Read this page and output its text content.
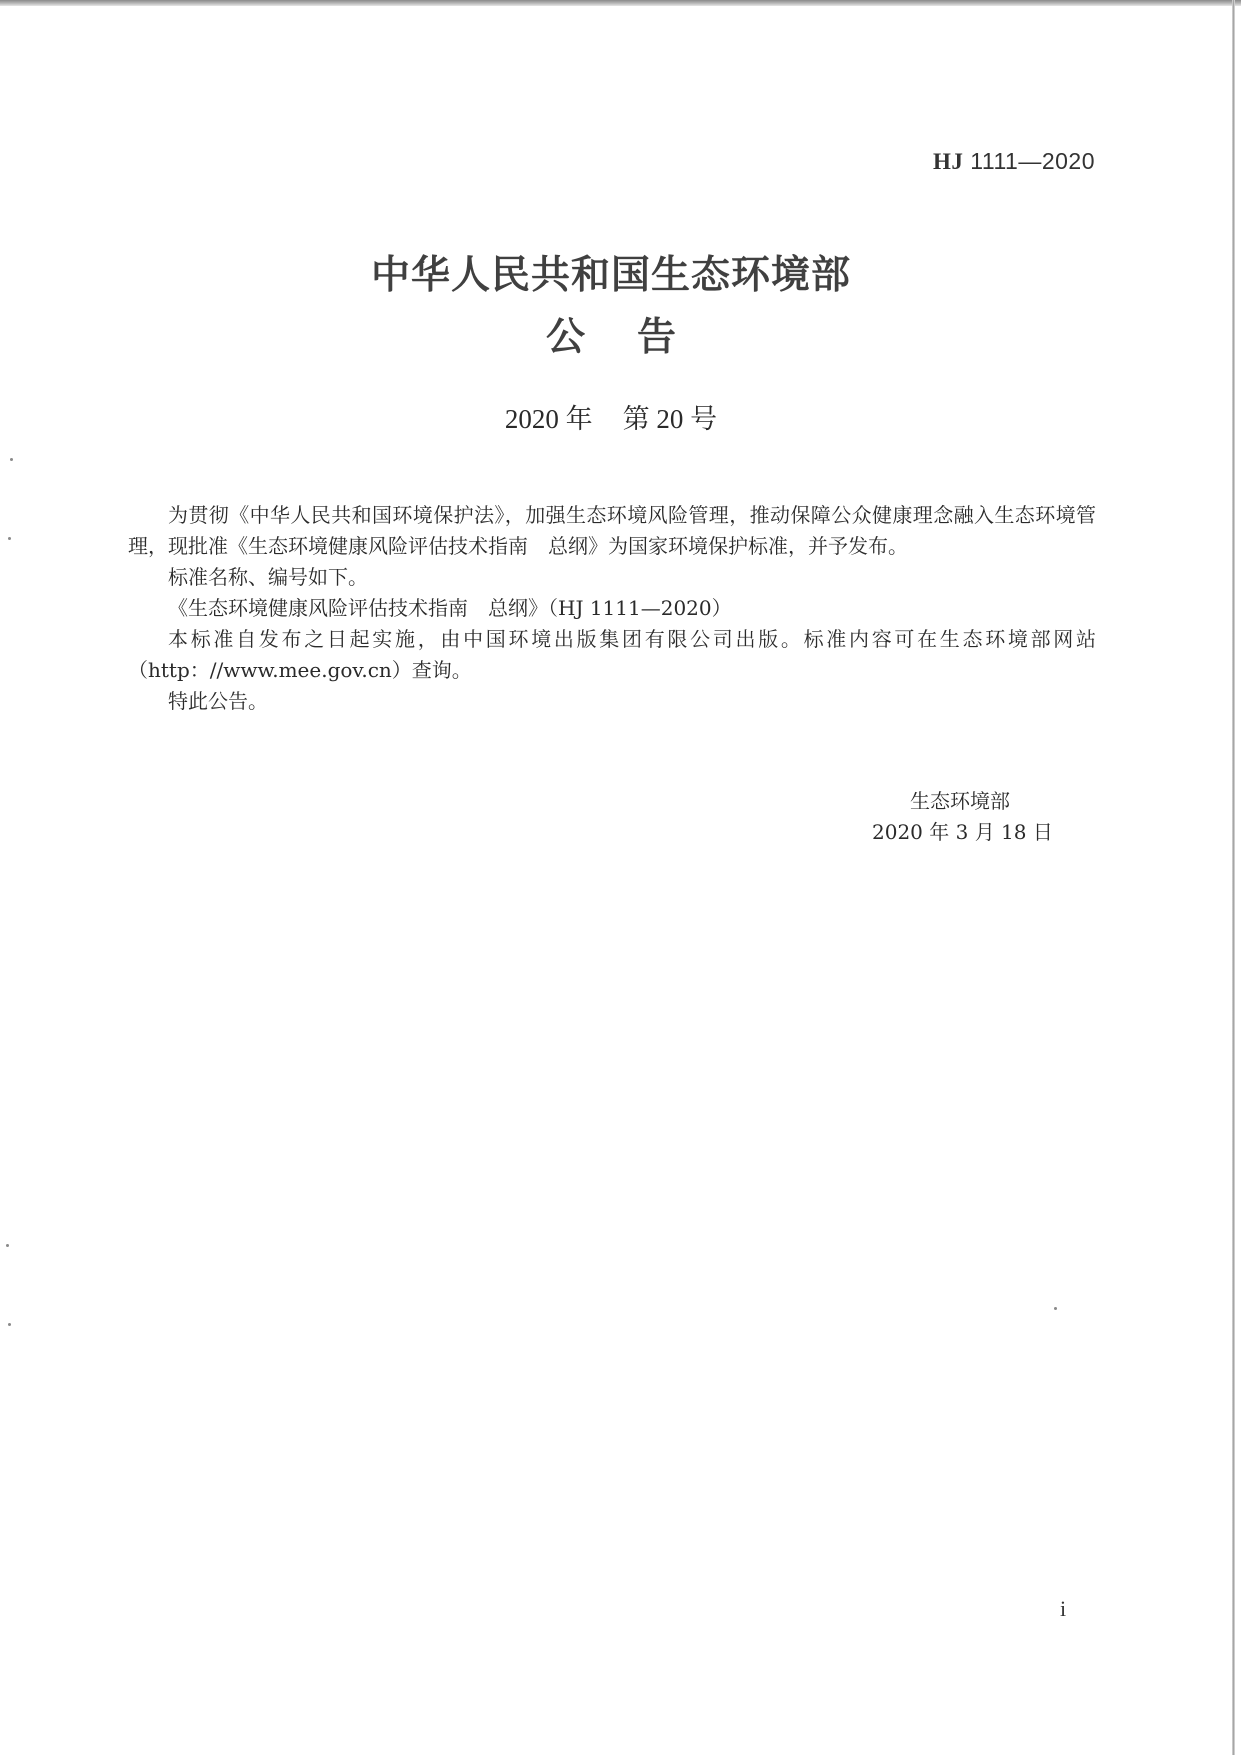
HJ 1111—2020
中华人民共和国生态环境部
公 告
2020 年 第 20 号

为贯彻《中华人民共和国环境保护法》，加强生态环境风险管理，推动保障公众健康理念融入生态环境管理，现批准《生态环境健康风险评估技术指南　总纲》为国家环境保护标准，并予发布。

标准名称、编号如下。

《生态环境健康风险评估技术指南　总纲》（HJ 1111—2020）

本标准自发布之日起实施，由中国环境出版集团有限公司出版。标准内容可在生态环境部网站（http：//www.mee.gov.cn）查询。

特此公告。

生态环境部
2020 年 3 月 18 日
i
